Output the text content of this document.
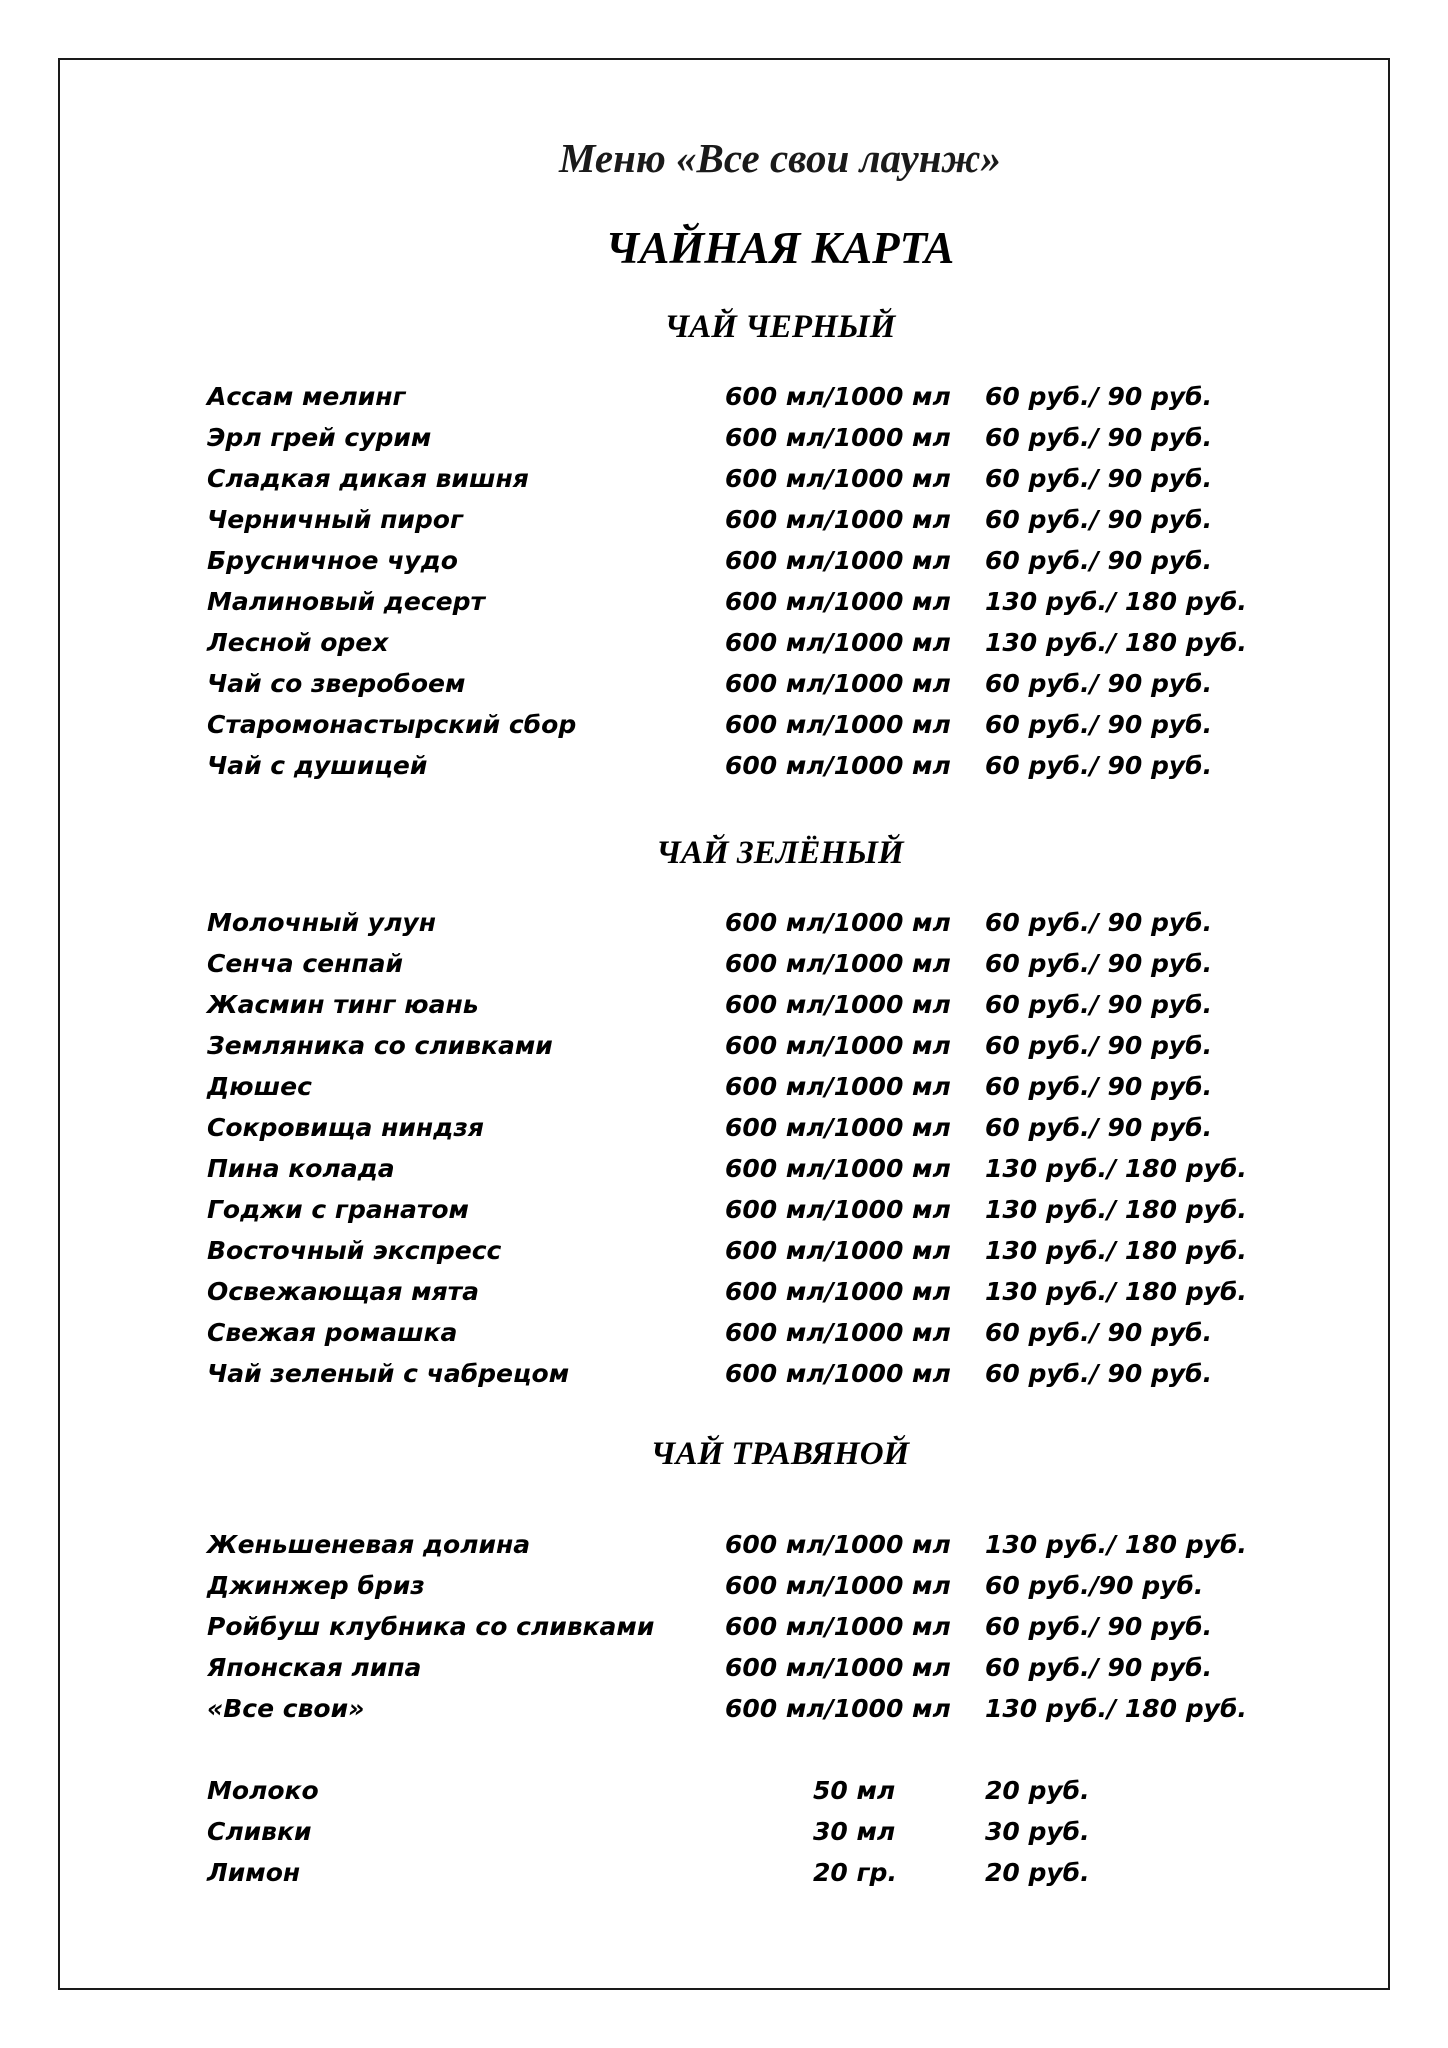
Меню «Все свои лаунж»
ЧАЙНАЯ КАРТА
ЧАЙ ЧЕРНЫЙ
Ассам мелинг	600 мл/1000 мл 60 руб./ 90 руб.
Эрл грей сурим	600 мл/1000 мл 60 руб./ 90 руб.
Сладкая дикая вишня	600 мл/1000 мл 60 руб./ 90 руб.
Черничный пирог	600 мл/1000 мл 60 руб./ 90 руб.
Брусничное чудо	600 мл/1000 мл 60 руб./ 90 руб.
Малиновый десерт	600 мл/1000 мл 130 руб./ 180 руб.
Лесной орех	600 мл/1000 мл 130 руб./ 180 руб.
Чай со зверобоем	600 мл/1000 мл 60 руб./ 90 руб.
Старомонастырский сбор	600 мл/1000 мл 60 руб./ 90 руб.
Чай с душицей	600 мл/1000 мл 60 руб./ 90 руб.
ЧАЙ ЗЕЛЁНЫЙ
Молочный улун	600 мл/1000 мл 60 руб./ 90 руб.
Сенча сенпай	600 мл/1000 мл 60 руб./ 90 руб.
Жасмин тинг юань	600 мл/1000 мл 60 руб./ 90 руб.
Земляника со сливками	600 мл/1000 мл 60 руб./ 90 руб.
Дюшес	600 мл/1000 мл 60 руб./ 90 руб.
Сокровища ниндзя	600 мл/1000 мл 60 руб./ 90 руб.
Пина колада	600 мл/1000 мл 130 руб./ 180 руб.
Годжи с гранатом	600 мл/1000 мл 130 руб./ 180 руб.
Восточный экспресс	600 мл/1000 мл 130 руб./ 180 руб.
Освежающая мята	600 мл/1000 мл 130 руб./ 180 руб.
Свежая ромашка	600 мл/1000 мл 60 руб./ 90 руб.
Чай зеленый с чабрецом	600 мл/1000 мл 60 руб./ 90 руб.
ЧАЙ ТРАВЯНОЙ
Женьшеневая долина	600 мл/1000 мл 130 руб./ 180 руб.
Джинжер бриз	600 мл/1000 мл 60 руб./90 руб.
Ройбуш клубника со сливками	600 мл/1000 мл 60 руб./ 90 руб.
Японская липа	600 мл/1000 мл 60 руб./ 90 руб.
«Все свои»	600 мл/1000 мл 130 руб./ 180 руб.
Молоко	50 мл	20 руб.
Сливки	30 мл	30 руб.
Лимон	20 гр.	20 руб.
